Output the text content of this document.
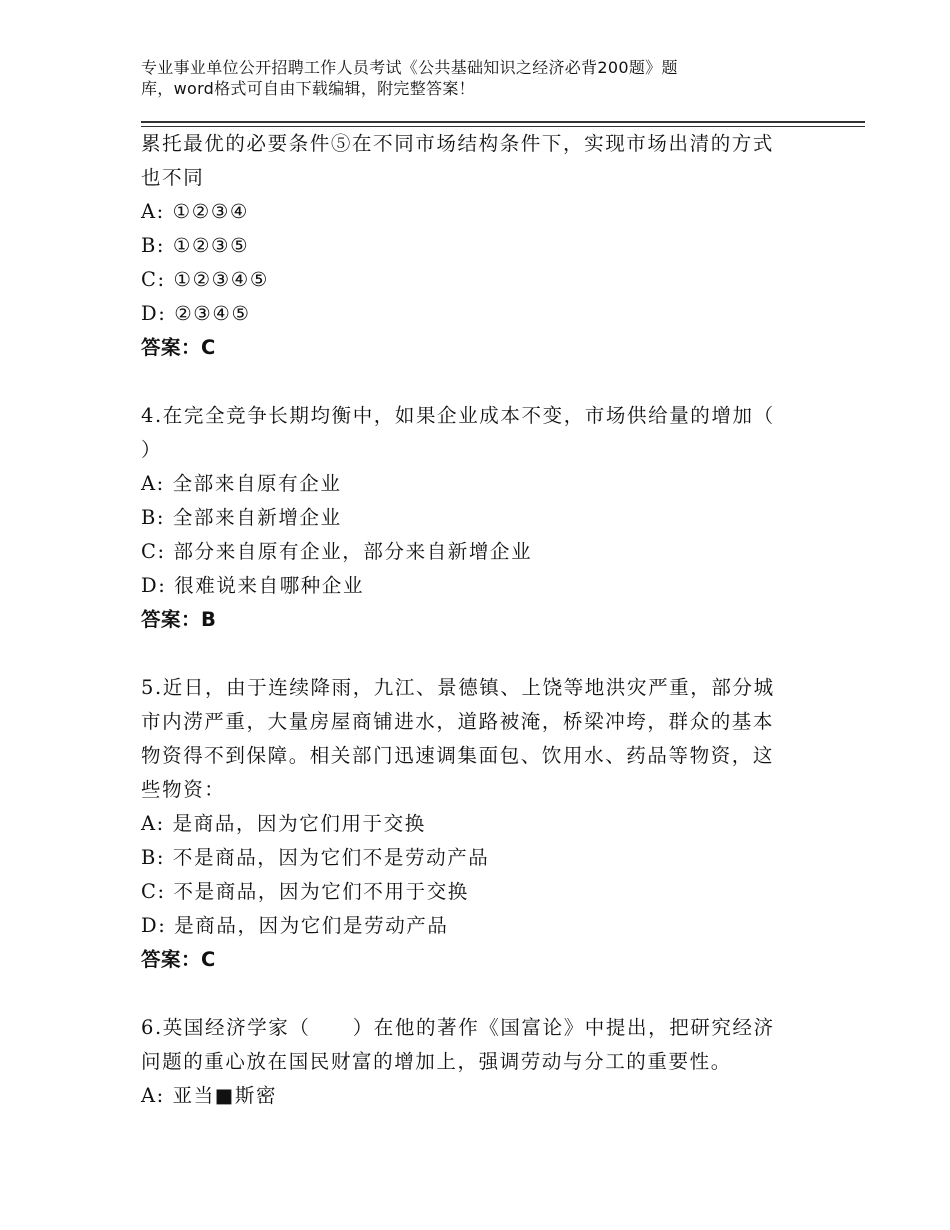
专业事业单位公开招聘工作人员考试《公共基础知识之经济必背200题》题
库，word格式可自由下载编辑，附完整答案！
累托最优的必要条件⑤在不同市场结构条件下，实现市场出清的方式
也不同
A: ①②③④
B: ①②③⑤
C: ①②③④⑤
D: ②③④⑤
答案：C
4.在完全竞争长期均衡中，如果企业成本不变，市场供给量的增加（
）
A: 全部来自原有企业
B: 全部来自新增企业
C: 部分来自原有企业，部分来自新增企业
D: 很难说来自哪种企业
答案：B
5.近日，由于连续降雨，九江、景德镇、上饶等地洪灾严重，部分城
市内涝严重，大量房屋商铺进水，道路被淹，桥梁冲垮，群众的基本
物资得不到保障。相关部门迅速调集面包、饮用水、药品等物资，这
些物资：
A: 是商品，因为它们用于交换
B: 不是商品，因为它们不是劳动产品
C: 不是商品，因为它们不用于交换
D: 是商品，因为它们是劳动产品
答案：C
6.英国经济学家（　　）在他的著作《国富论》中提出，把研究经济
问题的重心放在国民财富的增加上，强调劳动与分工的重要性。
A: 亚当■斯密
